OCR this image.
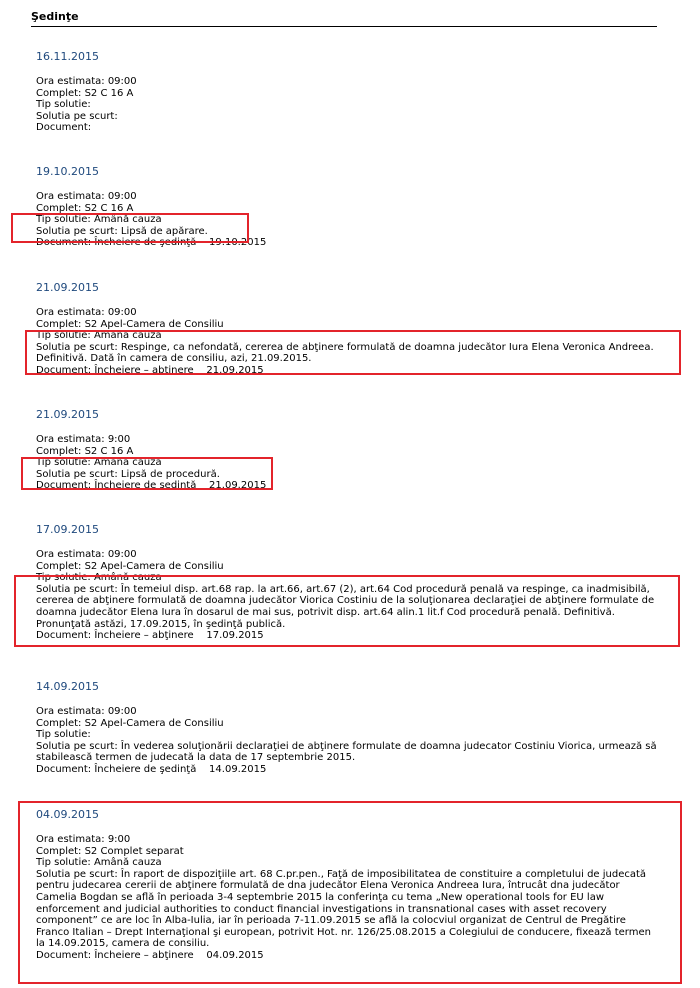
Şedinţe
16.11.2015
Ora estimata: 09:00
Complet: S2 C 16 A
Tip solutie:
Solutia pe scurt:
Document:
19.10.2015
Ora estimata: 09:00
Complet: S2 C 16 A
Tip solutie: Amână cauza
Solutia pe scurt: Lipsă de apărare.
Document: Încheiere de şedinţă    19.10.2015
21.09.2015
Ora estimata: 09:00
Complet: S2 Apel-Camera de Consiliu
Tip solutie: Amână cauza
Solutia pe scurt: Respinge, ca nefondată, cererea de abţinere formulată de doamna judecător Iura Elena Veronica Andreea.
Definitivă. Dată în camera de consiliu, azi, 21.09.2015.
Document: Încheiere – abţinere    21.09.2015
21.09.2015
Ora estimata: 9:00
Complet: S2 C 16 A
Tip solutie: Amână cauza
Solutia pe scurt: Lipsă de procedură.
Document: Încheiere de şedinţă    21.09.2015
17.09.2015
Ora estimata: 09:00
Complet: S2 Apel-Camera de Consiliu
Tip solutie: Amână cauza
Solutia pe scurt: În temeiul disp. art.68 rap. la art.66, art.67 (2), art.64 Cod procedură penală va respinge, ca inadmisibilă,
cererea de abţinere formulată de doamna judecător Viorica Costiniu de la soluţionarea declaraţiei de abţinere formulate de
doamna judecător Elena Iura în dosarul de mai sus, potrivit disp. art.64 alin.1 lit.f Cod procedură penală. Definitivă.
Pronunţată astăzi, 17.09.2015, în şedinţă publică.
Document: Încheiere – abţinere    17.09.2015
14.09.2015
Ora estimata: 09:00
Complet: S2 Apel-Camera de Consiliu
Tip solutie:
Solutia pe scurt: În vederea soluţionării declaraţiei de abţinere formulate de doamna judecator Costiniu Viorica, urmează să
stabilească termen de judecată la data de 17 septembrie 2015.
Document: Încheiere de şedinţă    14.09.2015
04.09.2015
Ora estimata: 9:00
Complet: S2 Complet separat
Tip solutie: Amână cauza
Solutia pe scurt: În raport de dispoziţiile art. 68 C.pr.pen., Faţă de imposibilitatea de constituire a completului de judecată
pentru judecarea cererii de abţinere formulată de dna judecător Elena Veronica Andreea Iura, întrucât dna judecător
Camelia Bogdan se află în perioada 3-4 septembrie 2015 la conferinţa cu tema „New operational tools for EU law
enforcement and judicial authorities to conduct financial investigations in transnational cases with asset recovery
component” ce are loc în Alba-Iulia, iar în perioada 7-11.09.2015 se află la colocviul organizat de Centrul de Pregătire
Franco Italian – Drept Internaţional şi european, potrivit Hot. nr. 126/25.08.2015 a Colegiului de conducere, fixează termen
la 14.09.2015, camera de consiliu.
Document: Încheiere – abţinere    04.09.2015
